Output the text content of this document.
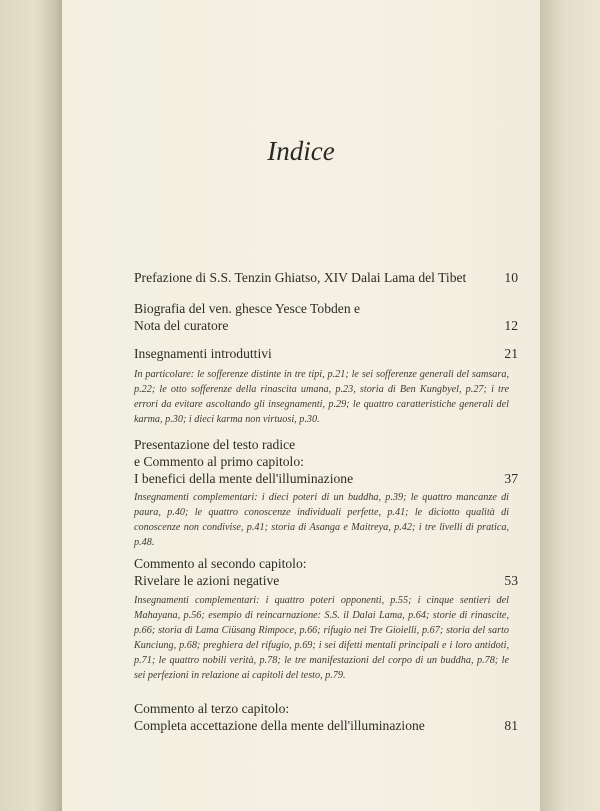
Indice
Prefazione di S.S. Tenzin Ghiatso, XIV Dalai Lama del Tibet	10
Biografia del ven. ghesce Yesce Tobden e
Nota del curatore	12
Insegnamenti introduttivi	21
In particolare: le sofferenze distinte in tre tipi, p.21; le sei sofferenze generali del samsara, p.22; le otto sofferenze della rinascita umana, p.23, storia di Ben Kungbyel, p.27; i tre errori da evitare ascoltando gli insegnamenti, p.29; le quattro caratteristiche generali del karma, p.30; i dieci karma non virtuosi, p.30.
Presentazione del testo radice
e Commento al primo capitolo:
I benefici della mente dell'illuminazione	37
Insegnamenti complementari: i dieci poteri di un buddha, p.39; le quattro mancanze di paura, p.40; le quattro conoscenze individuali perfette, p.41; le diciotto qualità di conoscenze non condivise, p.41; storia di Asanga e Maitreya, p.42; i tre livelli di pratica, p.48.
Commento al secondo capitolo:
Rivelare le azioni negative	53
Insegnamenti complementari: i quattro poteri opponenti, p.55; i cinque sentieri del Mahayana, p.56; esempio di reincarnazione: S.S. il Dalai Lama, p.64; storie di rinascite, p.66; storia di Lama Ciüsang Rimpoce, p.66; rifugio nei Tre Gioielli, p.67; storia del sarto Kunciung, p.68; preghiera del rifugio, p.69; i sei difetti mentali principali e i loro antidoti, p.71; le quattro nobili verità, p.78; le tre manifestazioni del corpo di un buddha, p.78; le sei perfezioni in relazione ai capitoli del testo, p.79.
Commento al terzo capitolo:
Completa accettazione della mente dell'illuminazione	81
